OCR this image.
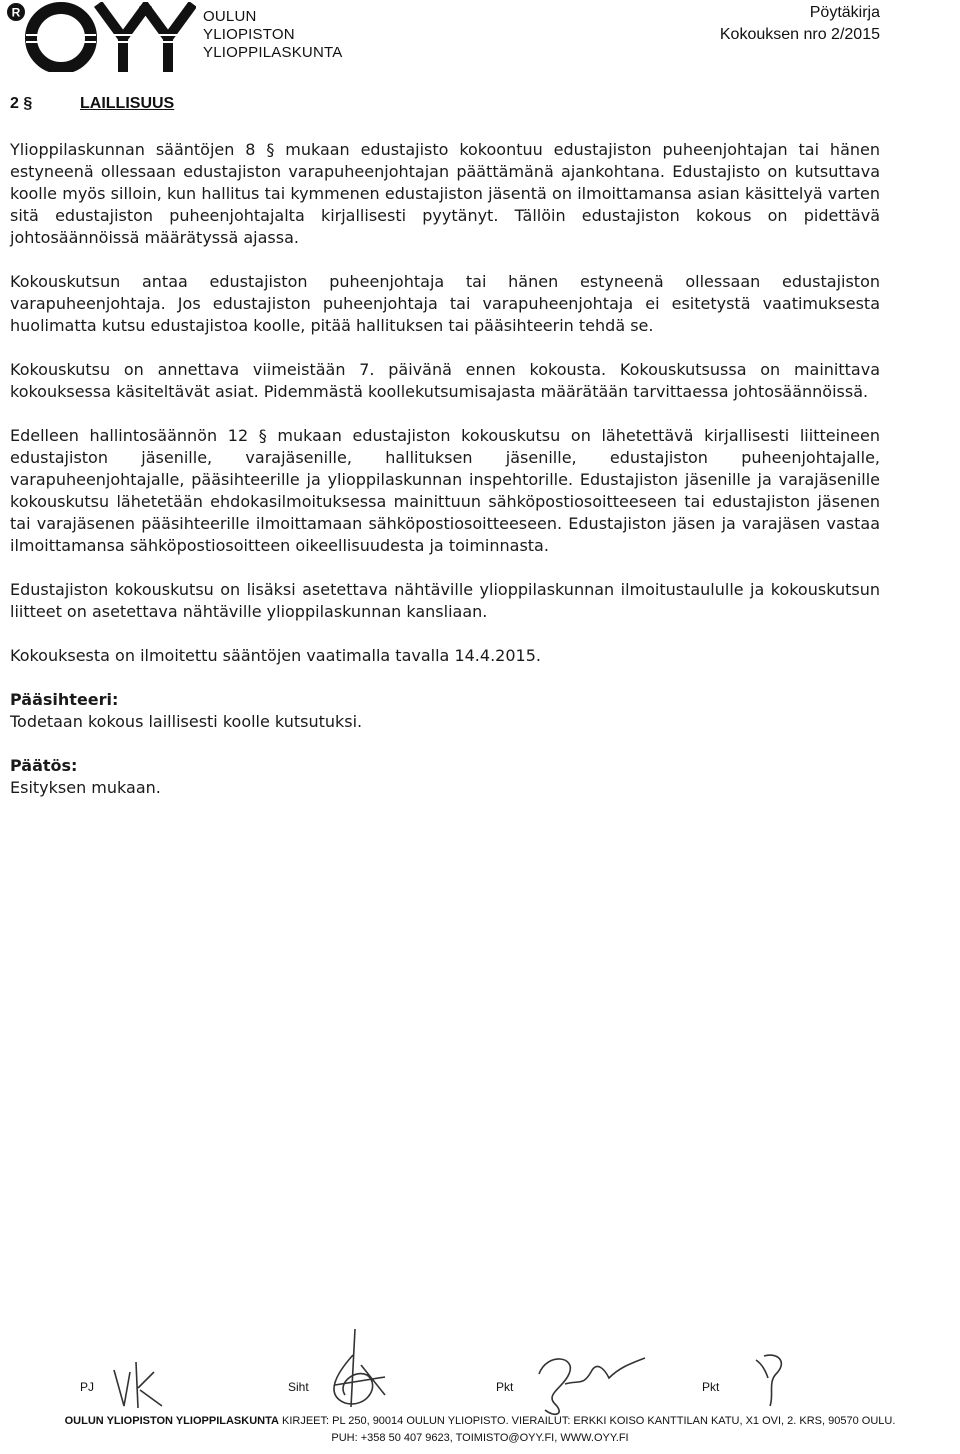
R	OULUN
YLIOPISTON
YLIOPPILASKUNTA
Pöytäkirja
Kokouksen nro 2/2015
2 §	LAILLISUUS

Ylioppilaskunnan sääntöjen 8 § mukaan edustajisto kokoontuu edustajiston puheenjohtajan tai hänen estyneenä ollessaan edustajiston varapuheenjohtajan päättämänä ajankohtana. Edustajisto on kutsuttava koolle myös silloin, kun hallitus tai kymmenen edustajiston jäsentä on ilmoittamansa asian käsittelyä varten sitä edustajiston puheenjohtajalta kirjallisesti pyytänyt. Tällöin edustajiston kokous on pidettävä johtosäännöissä määrätyssä ajassa.

Kokouskutsun antaa edustajiston puheenjohtaja tai hänen estyneenä ollessaan edustajiston varapuheenjohtaja. Jos edustajiston puheenjohtaja tai varapuheenjohtaja ei esitetystä vaatimuksesta huolimatta kutsu edustajistoa koolle, pitää hallituksen tai pääsihteerin tehdä se.

Kokouskutsu on annettava viimeistään 7. päivänä ennen kokousta. Kokouskutsussa on mainittava kokouksessa käsiteltävät asiat. Pidemmästä koollekutsumisajasta määrätään tarvittaessa johtosäännöissä.

Edelleen hallintosäännön 12 § mukaan edustajiston kokouskutsu on lähetettävä kirjallisesti liitteineen edustajiston jäsenille, varajäsenille, hallituksen jäsenille, edustajiston puheenjohtajalle, varapuheenjohtajalle, pääsihteerille ja ylioppilaskunnan inspehtorille. Edustajiston jäsenille ja varajäsenille kokouskutsu lähetetään ehdokasilmoituksessa mainittuun sähköpostiosoitteeseen tai edustajiston jäsenen tai varajäsenen pääsihteerille ilmoittamaan sähköpostiosoitteeseen. Edustajiston jäsen ja varajäsen vastaa ilmoittamansa sähköpostiosoitteen oikeellisuudesta ja toiminnasta.

Edustajiston kokouskutsu on lisäksi asetettava nähtäville ylioppilaskunnan ilmoitustaululle ja kokouskutsun liitteet on asetettava nähtäville ylioppilaskunnan kansliaan.

Kokouksesta on ilmoitettu sääntöjen vaatimalla tavalla 14.4.2015.

Pääsihteeri:
Todetaan kokous laillisesti koolle kutsutuksi.
Päätös:
Esityksen mukaan.
PJ	Siht	Pkt	Pkt
OULUN YLIOPISTON YLIOPPILASKUNTA KIRJEET: PL 250, 90014 OULUN YLIOPISTO. VIERAILUT: ERKKI KOISO KANTTILAN KATU, X1 OVI, 2. KRS, 90570 OULU.
PUH: +358 50 407 9623, TOIMISTO@OYY.FI, WWW.OYY.FI
